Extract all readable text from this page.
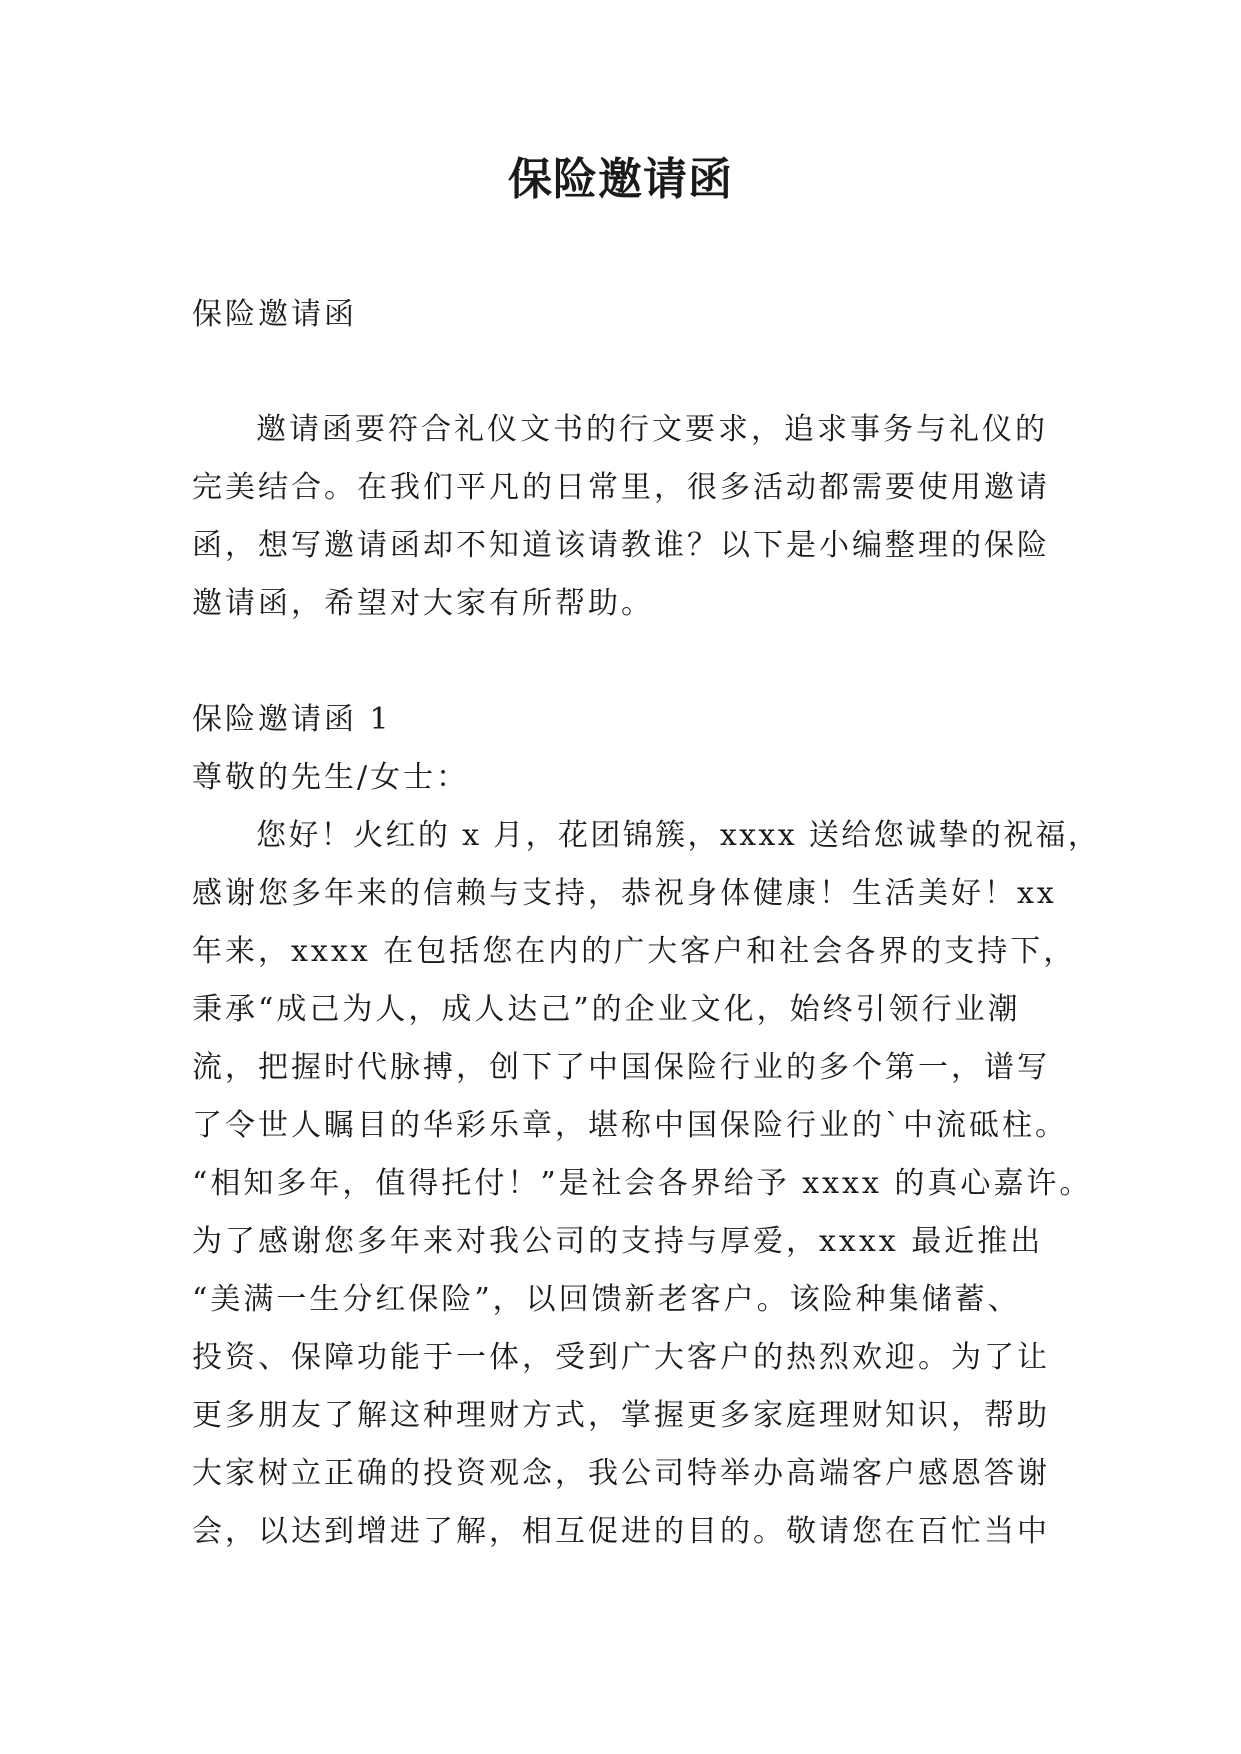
保险邀请函
保险邀请函
邀请函要符合礼仪文书的行文要求，追求事务与礼仪的
完美结合。在我们平凡的日常里，很多活动都需要使用邀请
函，想写邀请函却不知道该请教谁？以下是小编整理的保险
邀请函，希望对大家有所帮助。
保险邀请函 1
尊敬的先生/女士：
您好！火红的 x 月，花团锦簇，xxxx 送给您诚挚的祝福，
感谢您多年来的信赖与支持，恭祝身体健康！生活美好！xx
年来，xxxx 在包括您在内的广大客户和社会各界的支持下，
秉承“成己为人，成人达己”的企业文化，始终引领行业潮
流，把握时代脉搏，创下了中国保险行业的多个第一，谱写
了令世人瞩目的华彩乐章，堪称中国保险行业的`中流砥柱。
“相知多年，值得托付！”是社会各界给予 xxxx 的真心嘉许。
为了感谢您多年来对我公司的支持与厚爱，xxxx 最近推出
“美满一生分红保险”，以回馈新老客户。该险种集储蓄、
投资、保障功能于一体，受到广大客户的热烈欢迎。为了让
更多朋友了解这种理财方式，掌握更多家庭理财知识，帮助
大家树立正确的投资观念，我公司特举办高端客户感恩答谢
会，以达到增进了解，相互促进的目的。敬请您在百忙当中
